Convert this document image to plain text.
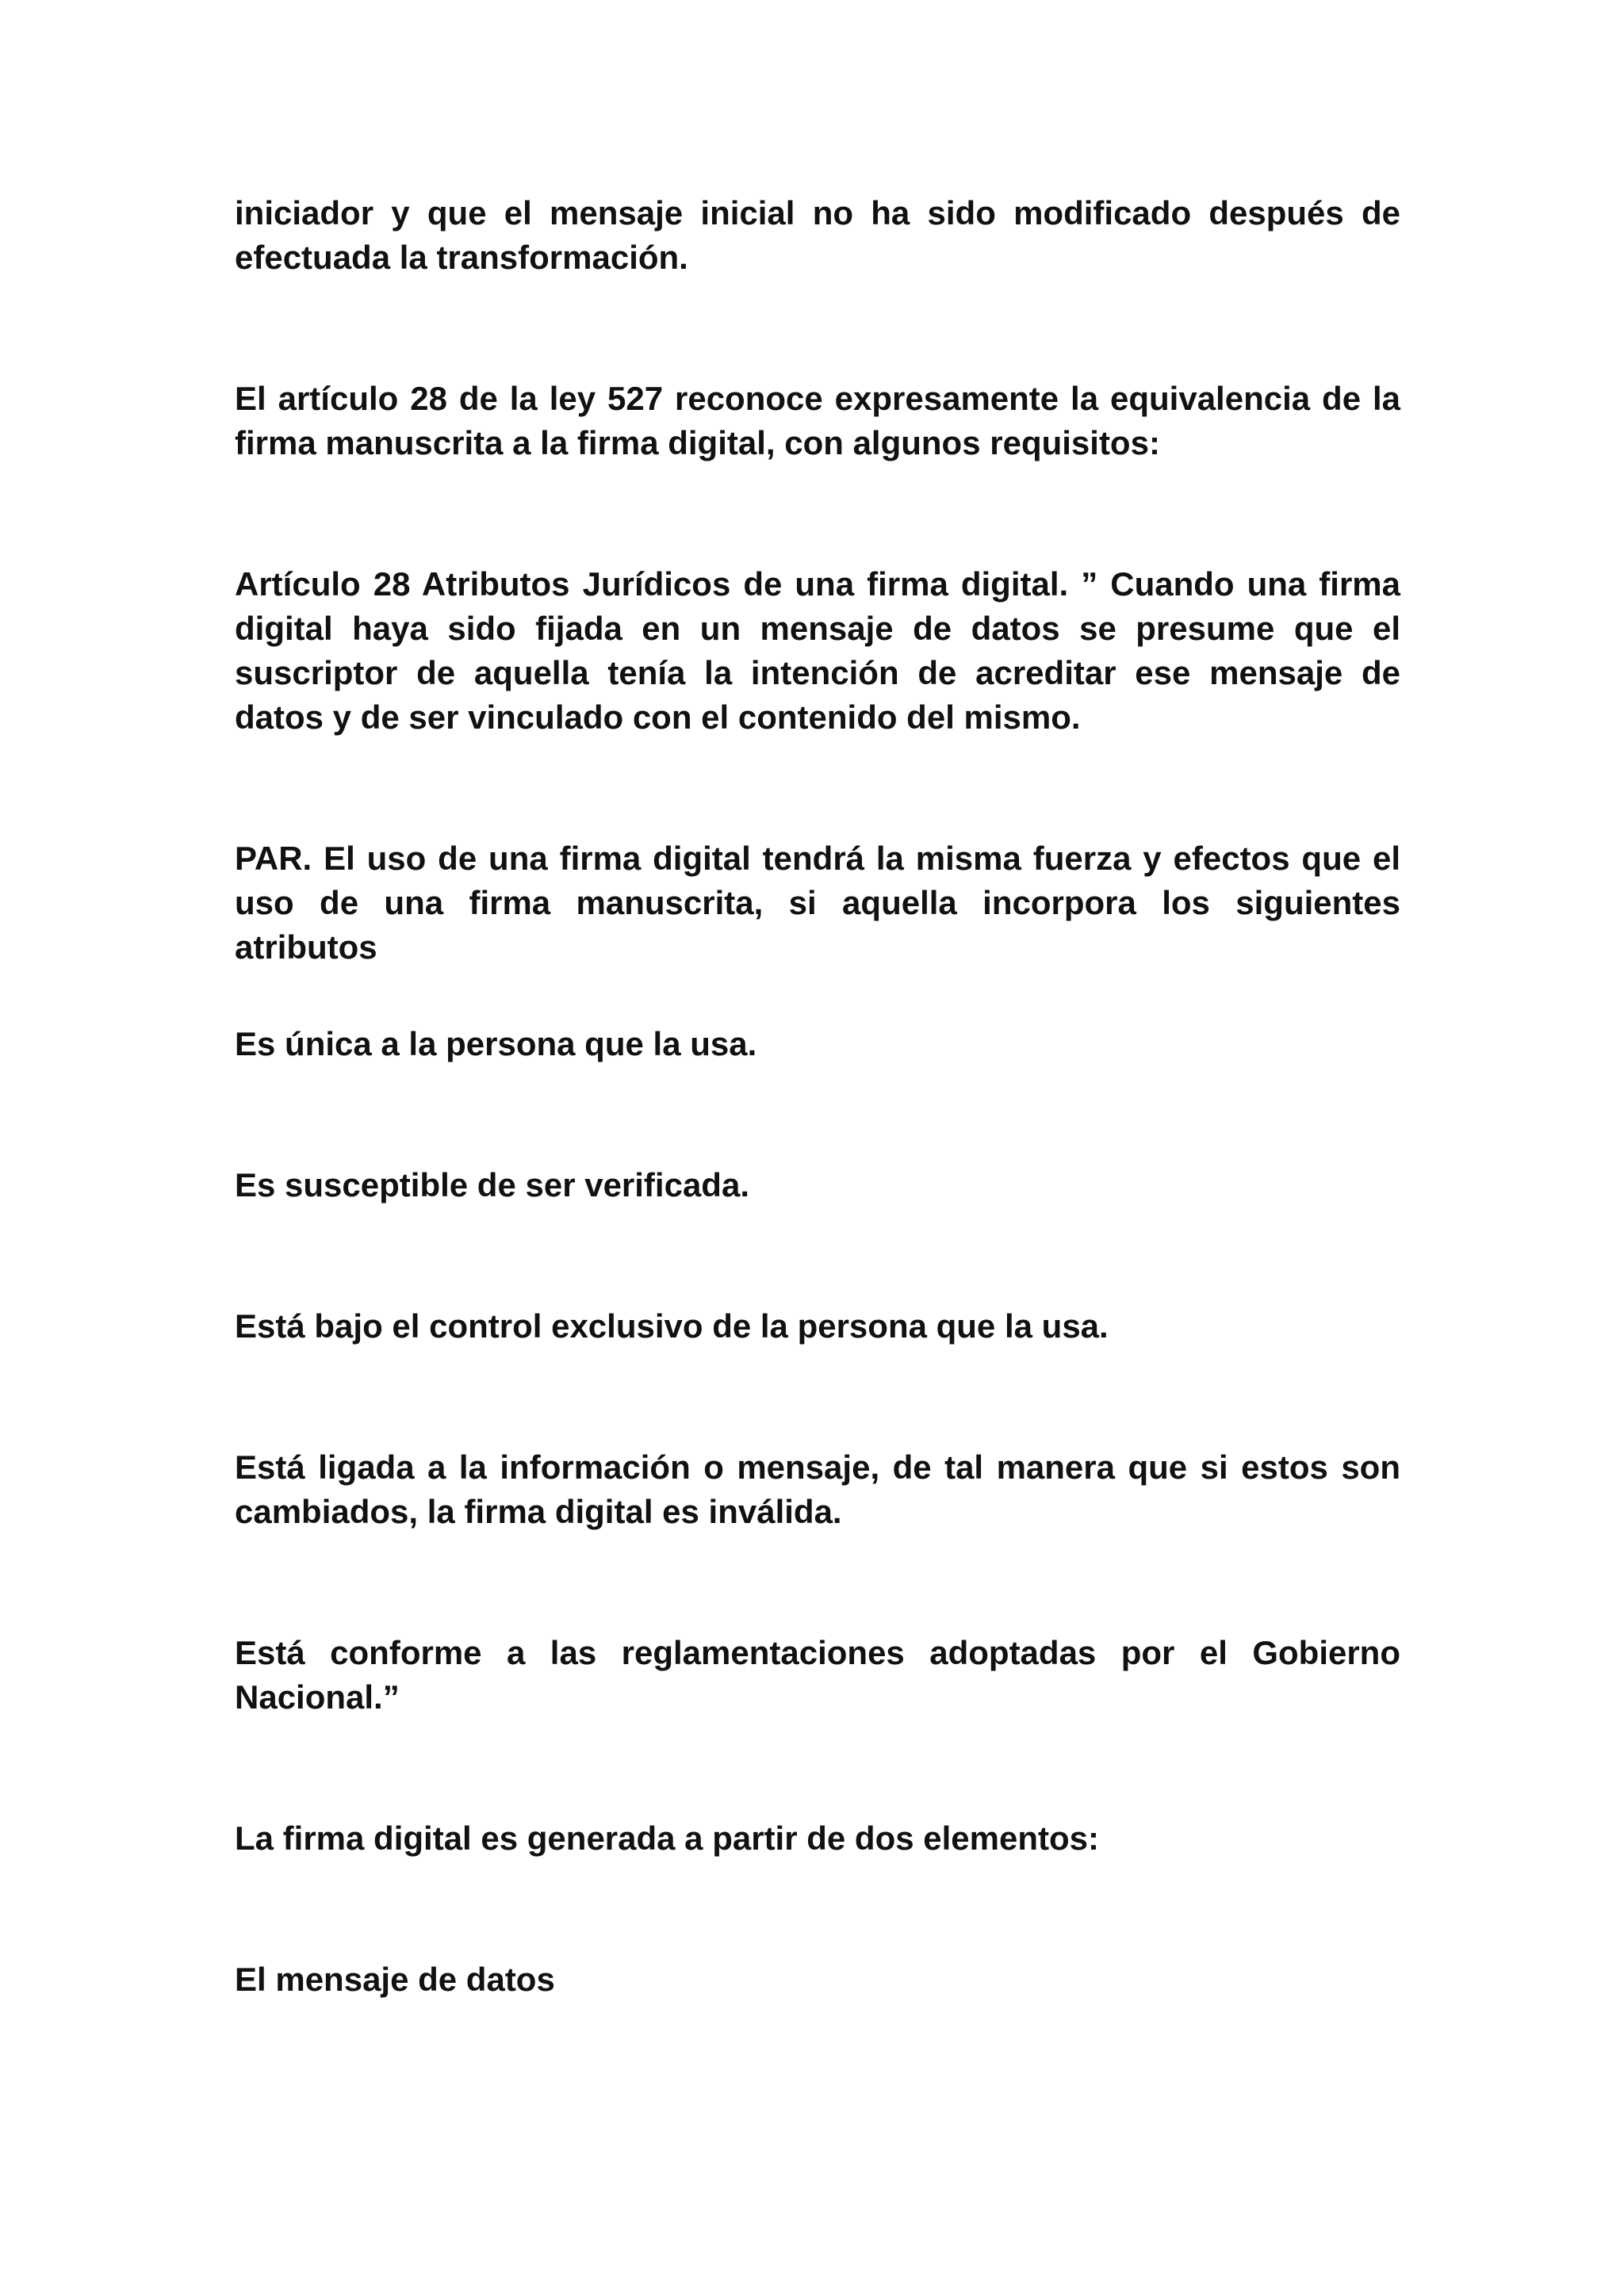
iniciador y que el mensaje inicial no ha sido modificado después de efectuada la transformación.

El artículo 28 de la ley 527 reconoce expresamente la equivalencia de la firma manuscrita a la firma digital, con algunos requisitos:

Artículo 28 Atributos Jurídicos de una firma digital. ” Cuando una firma digital haya sido fijada en un mensaje de datos se presume que el suscriptor de aquella tenía la intención de acreditar ese mensaje de datos y de ser vinculado con el contenido del mismo.

PAR. El uso de una firma digital tendrá la misma fuerza y efectos que el uso de una firma manuscrita, si aquella incorpora los siguientes atributos

Es única a la persona que la usa.

Es susceptible de ser verificada.

Está bajo el control exclusivo de la persona que la usa.

Está ligada a la información o mensaje, de tal manera que si estos son cambiados, la firma digital es inválida.

Está conforme a las reglamentaciones adoptadas por el Gobierno Nacional.”

La firma digital es generada a partir de dos elementos:

El mensaje de datos
